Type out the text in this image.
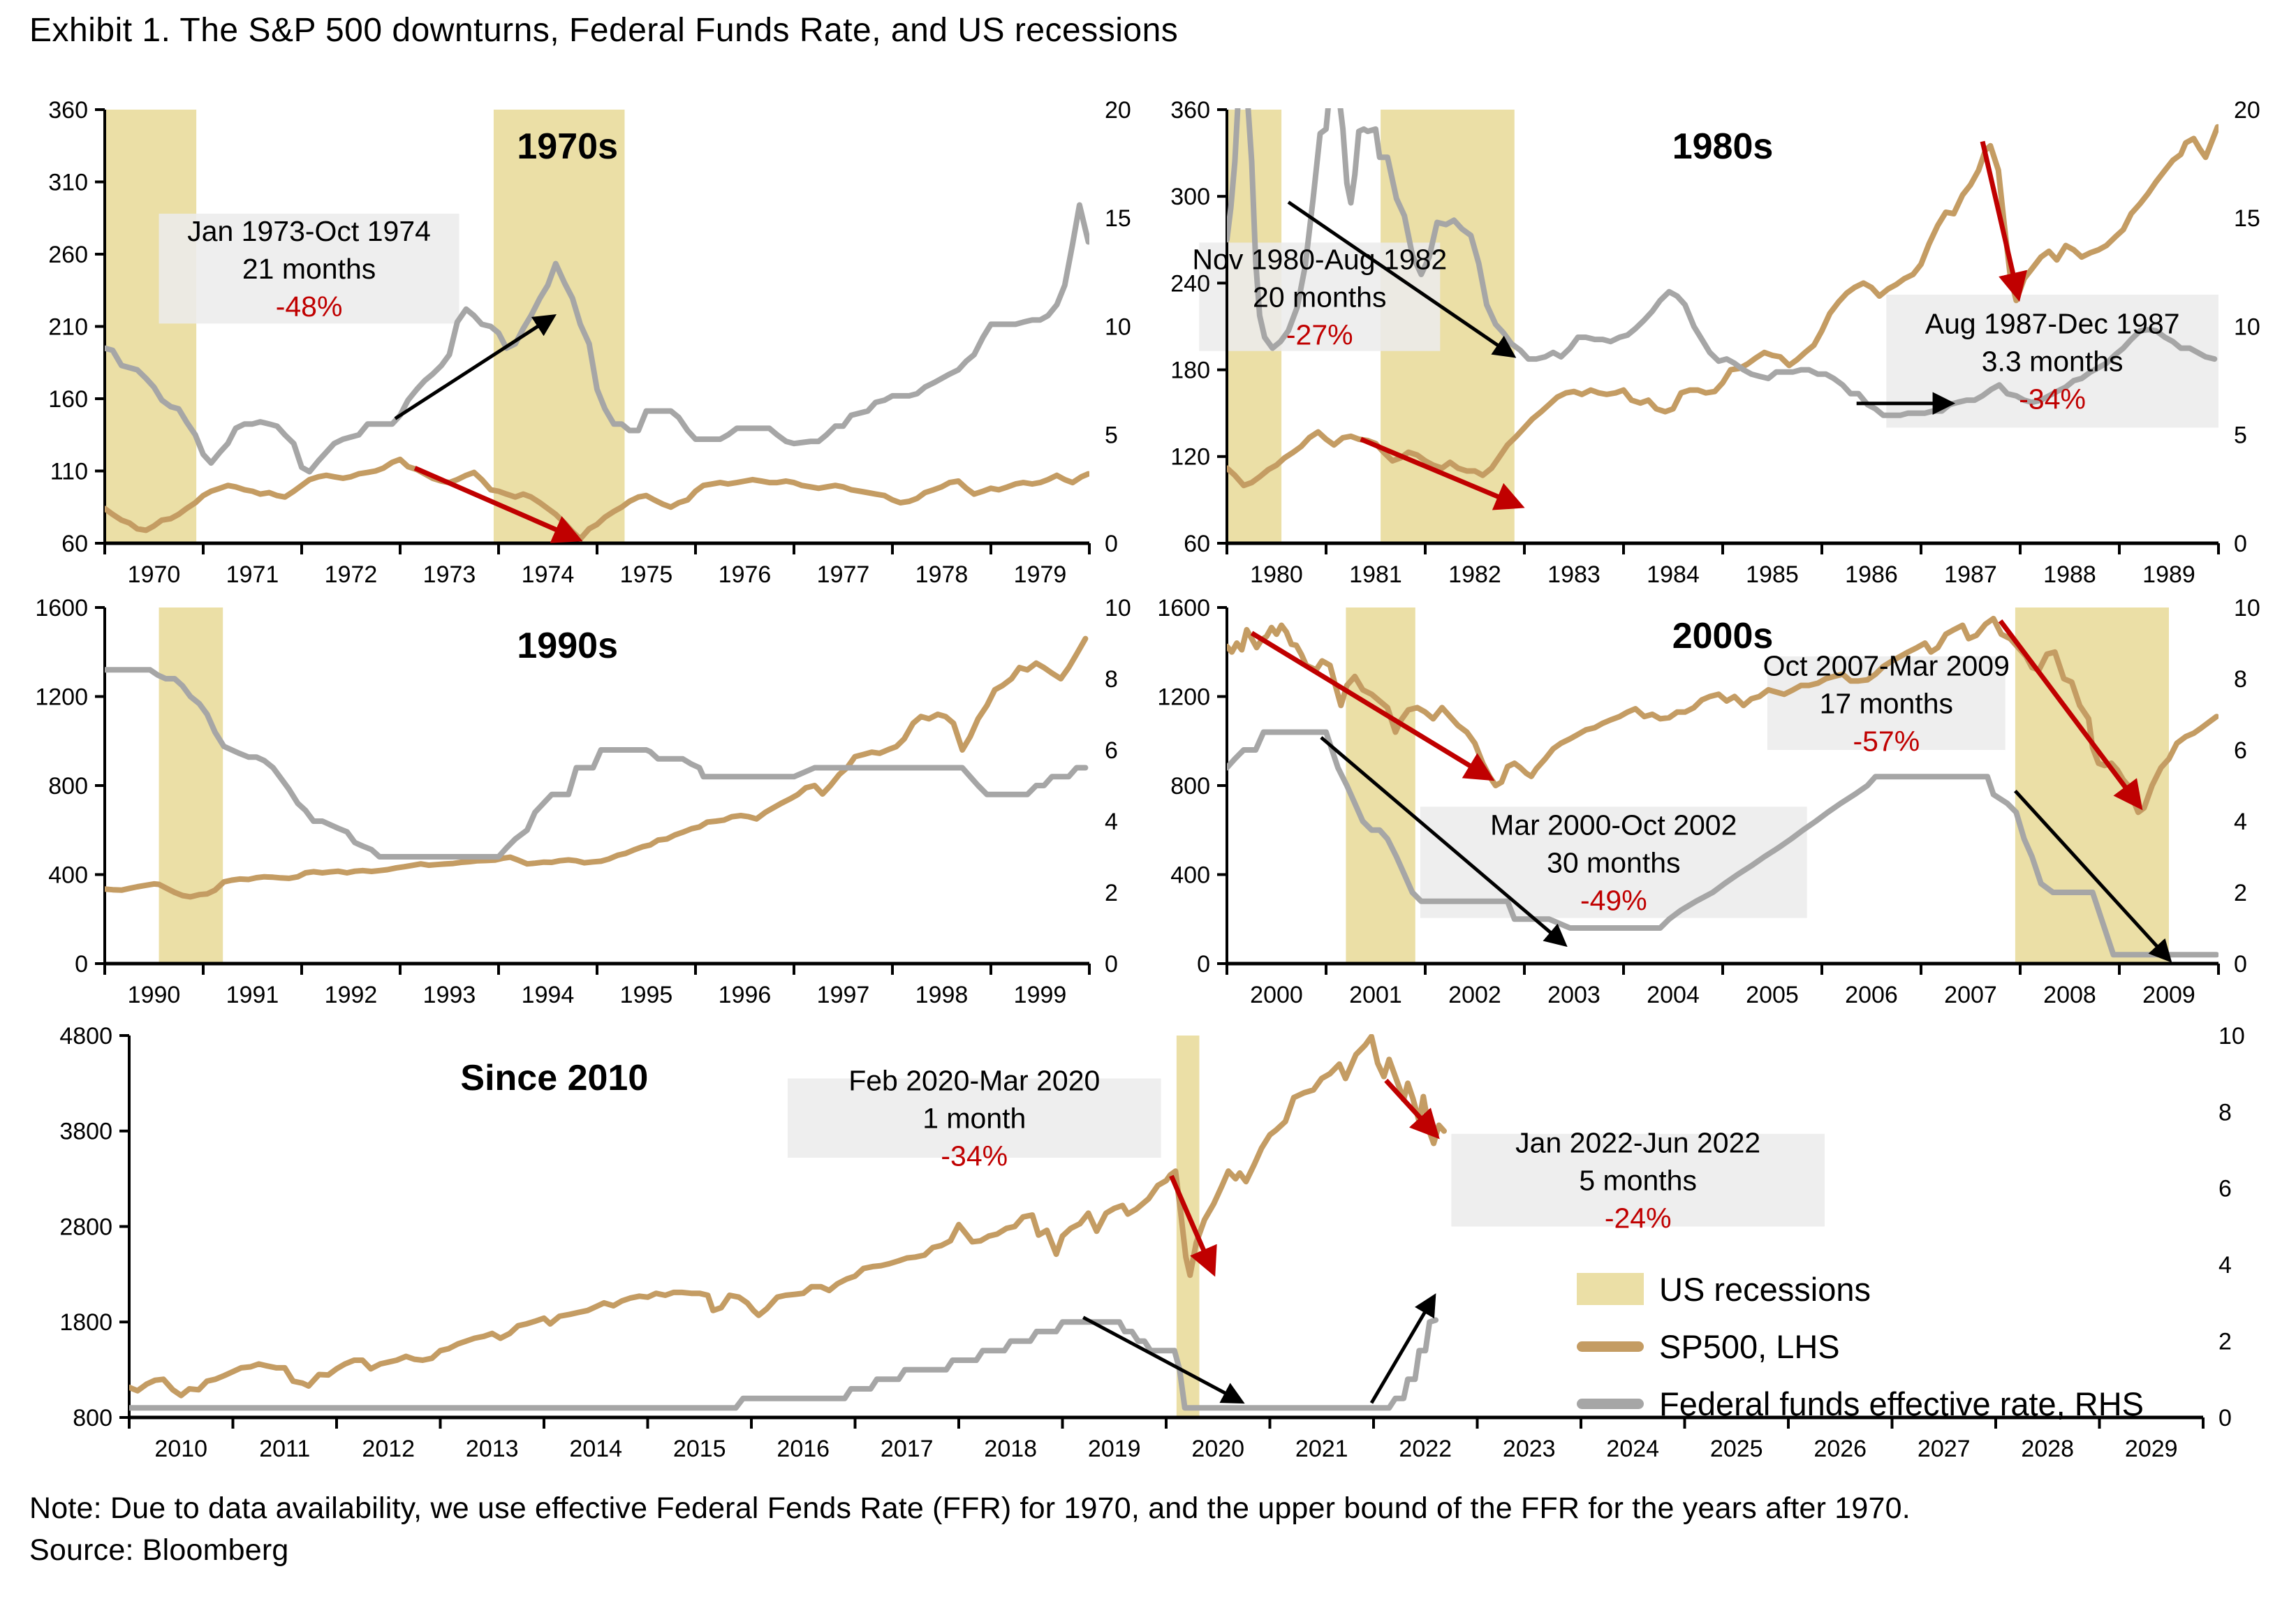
Exhibit 1. The S&P 500 downturns, Federal Funds Rate, and US recessions
60
110
160
210
260
310
360
0
5
10
15
20
1970 1971 1972 1973 1974 1975 1976 1977 1978 1979
1970s
Jan 1973-Oct 1974
21 months
-48%
60
120
180
240
300
360
0
5
10
15
20
1980 1981 1982 1983 1984 1985 1986 1987 1988 1989
1980s
Nov 1980-Aug 1982
20 months
-27%	Aug 1987-Dec 1987
3.3 months
-34%
0
400
800
1200
1600
0
2
4
6
8
10
1990 1991 1992 1993 1994 1995 1996 1997 1998 1999
1990s
0
400
800
1200
1600
0
2
4
6
8
10
2000 2001 2002 2003 2004 2005 2006 2007 2008 2009
2000s
Oct 2007-Mar 2009
17 months
-57%
Mar 2000-Oct 2002
30 months
-49%
800
1800
2800
3800
4800
0
2
4
6
8
10
2010 2011 2012 2013 2014 2015 2016 2017 2018 2019 2020 2021 2022 2023 2024 2025 2026 2027 2028 2029
Since 2010	Feb 2020-Mar 2020
1 month
-34%	Jan 2022-Jun 2022
5 months
-24%
US recessions
SP500, LHS
Federal funds effective rate, RHS
Note: Due to data availability, we use effective Federal Fends Rate (FFR) for 1970, and the upper bound of the FFR for the years after 1970.
Source: Bloomberg
